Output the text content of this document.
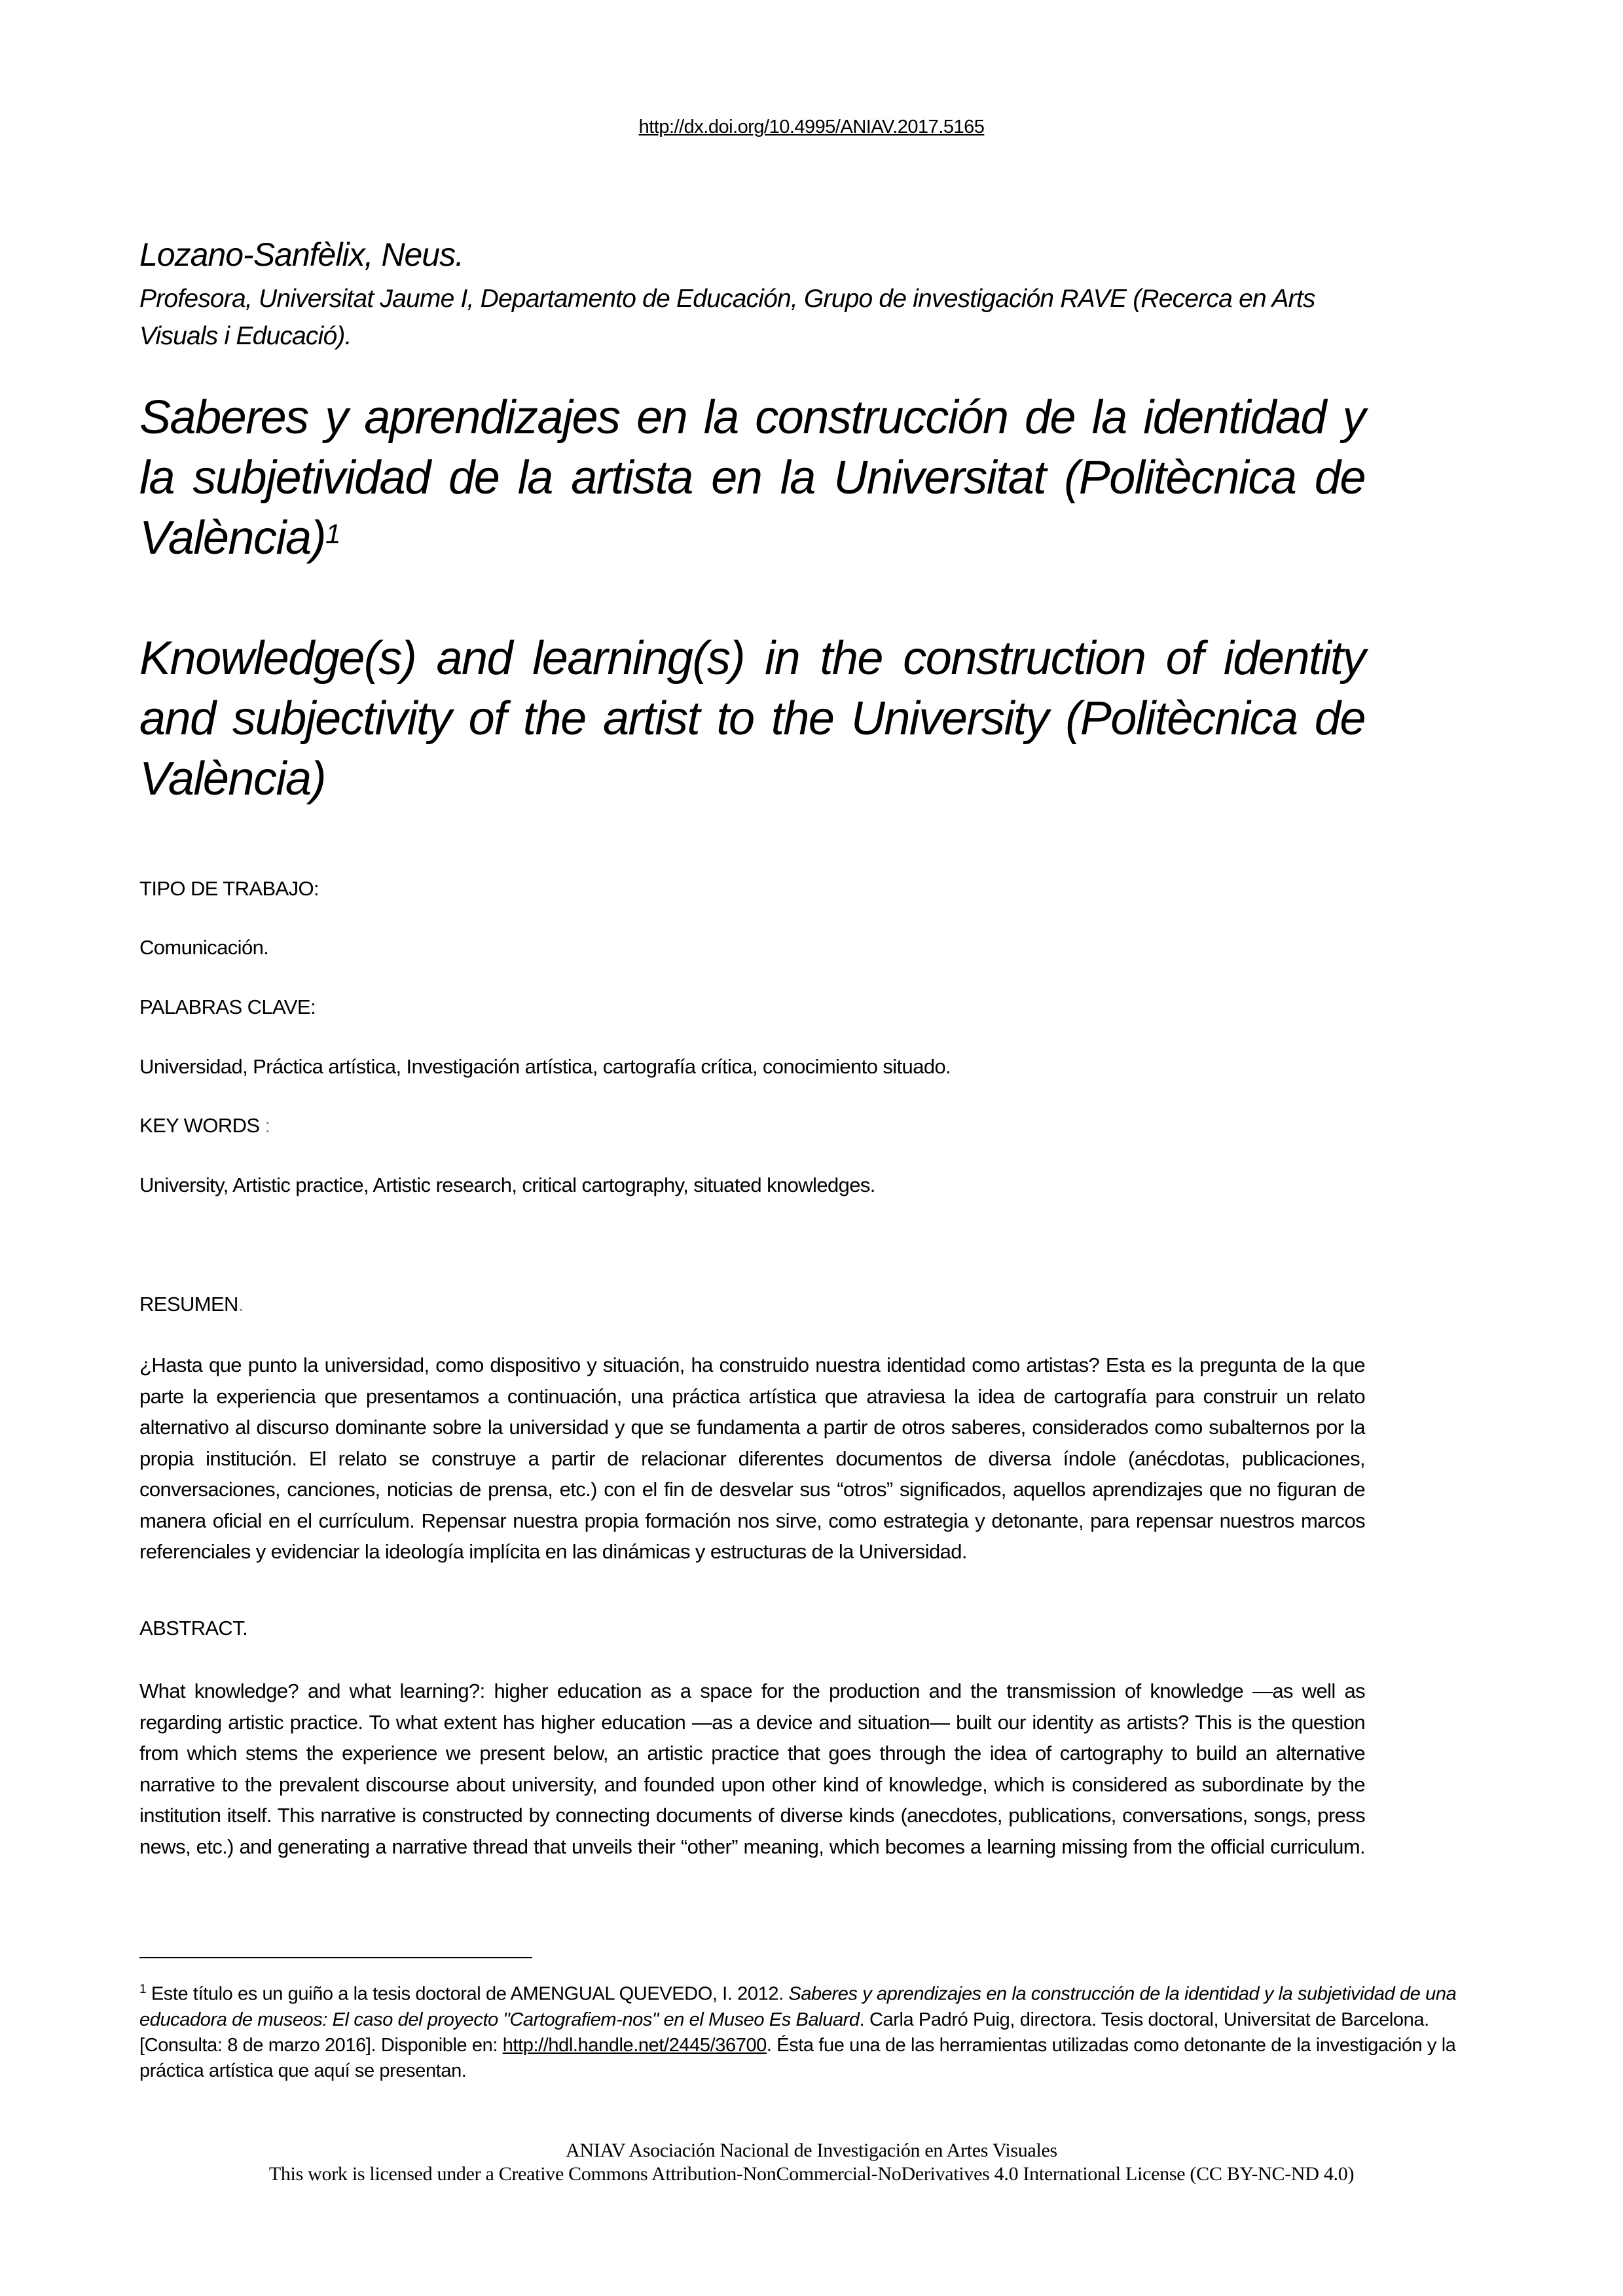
http://dx.doi.org/10.4995/ANIAV.2017.5165
Lozano-Sanfèlix, Neus.
Profesora, Universitat Jaume I, Departamento de Educación, Grupo de investigación RAVE (Recerca en Arts Visuals i Educació).
Saberes y aprendizajes en la construcción de la identidad y la subjetividad de la artista en la Universitat (Politècnica de València)$^1$
Knowledge(s) and learning(s) in the construction of identity and subjectivity of the artist to the University (Politècnica de València)
TIPO DE TRABAJO:
Comunicación.
PALABRAS CLAVE:
Universidad, Práctica artística, Investigación artística, cartografía crítica, conocimiento situado.
KEY WORDS :
University, Artistic practice, Artistic research, critical cartography, situated knowledges.
RESUMEN.
¿Hasta que punto la universidad, como dispositivo y situación, ha construido nuestra identidad como artistas? Esta es la pregunta de la que parte la experiencia que presentamos a continuación, una práctica artística que atraviesa la idea de cartografía para construir un relato alternativo al discurso dominante sobre la universidad y que se fundamenta a partir de otros saberes, considerados como subalternos por la propia institución. El relato se construye a partir de relacionar diferentes documentos de diversa índole (anécdotas, publicaciones, conversaciones, canciones, noticias de prensa, etc.) con el fin de desvelar sus “otros” significados, aquellos aprendizajes que no figuran de manera oficial en el currículum. Repensar nuestra propia formación nos sirve, como estrategia y detonante, para repensar nuestros marcos referenciales y evidenciar la ideología implícita en las dinámicas y estructuras de la Universidad.
ABSTRACT.
What knowledge? and what learning?: higher education as a space for the production and the transmission of knowledge —as well as regarding artistic practice. To what extent has higher education —as a device and situation— built our identity as artists? This is the question from which stems the experience we present below, an artistic practice that goes through the idea of cartography to build an alternative narrative to the prevalent discourse about university, and founded upon other kind of knowledge, which is considered as subordinate by the institution itself. This narrative is constructed by connecting documents of diverse kinds (anecdotes, publications, conversations, songs, press news, etc.) and generating a narrative thread that unveils their “other” meaning, which becomes a learning missing from the official curriculum.
$^1$ Este título es un guiño a la tesis doctoral de AMENGUAL QUEVEDO, I. 2012. Saberes y aprendizajes en la construcción de la identidad y la subjetividad de una educadora de museos: El caso del proyecto "Cartografiem-nos" en el Museo Es Baluard. Carla Padró Puig, directora. Tesis doctoral, Universitat de Barcelona. [Consulta: 8 de marzo 2016]. Disponible en: http://hdl.handle.net/2445/36700. Ésta fue una de las herramientas utilizadas como detonante de la investigación y la práctica artística que aquí se presentan.
ANIAV Asociación Nacional de Investigación en Artes Visuales
This work is licensed under a Creative Commons Attribution-NonCommercial-NoDerivatives 4.0 International License (CC BY-NC-ND 4.0)
